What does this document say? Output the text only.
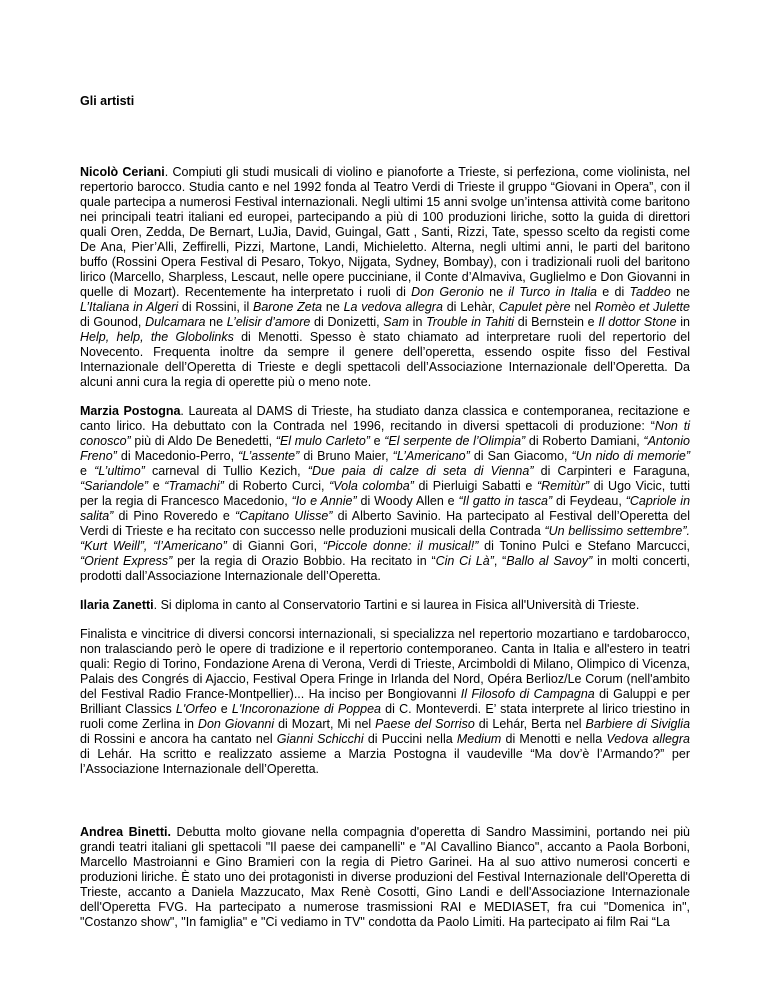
Gli artisti

Nicolò Ceriani. Compiuti gli studi musicali di violino e pianoforte a Trieste, si perfeziona, come violinista, nel repertorio barocco. Studia canto e nel 1992 fonda al Teatro Verdi di Trieste il gruppo “Giovani in Opera”, con il quale partecipa a numerosi Festival internazionali. Negli ultimi 15 anni svolge un’intensa attività come baritono nei principali teatri italiani ed europei, partecipando a più di 100 produzioni liriche, sotto la guida di direttori quali Oren, Zedda, De Bernart, LuJia, David, Guingal, Gatt , Santi, Rizzi, Tate, spesso scelto da registi come De Ana, Pier’Alli, Zeffirelli, Pizzi, Martone, Landi, Michieletto. Alterna, negli ultimi anni, le parti del baritono buffo (Rossini Opera Festival di Pesaro, Tokyo, Nijgata, Sydney, Bombay), con i tradizionali ruoli del baritono lirico (Marcello, Sharpless, Lescaut, nelle opere pucciniane, il Conte d’Almaviva, Guglielmo e Don Giovanni in quelle di Mozart). Recentemente ha interpretato i ruoli di Don Geronio ne il Turco in Italia e di Taddeo ne L’Italiana in Algeri di Rossini, il Barone Zeta ne La vedova allegra di Lehàr, Capulet père nel Romèo et Julette di Gounod, Dulcamara ne L’elisir d’amore di Donizetti, Sam in Trouble in Tahiti di Bernstein e Il dottor Stone in Help, help, the Globolinks di Menotti. Spesso è stato chiamato ad interpretare ruoli del repertorio del Novecento. Frequenta inoltre da sempre il genere dell’operetta, essendo ospite fisso del Festival Internazionale dell’Operetta di Trieste e degli spettacoli dell’Associazione Internazionale dell’Operetta. Da alcuni anni cura la regia di operette più o meno note.

Marzia Postogna. Laureata al DAMS di Trieste, ha studiato danza classica e contemporanea, recitazione e canto lirico. Ha debuttato con la Contrada nel 1996, recitando in diversi spettacoli di produzione: “Non ti conosco” più di Aldo De Benedetti, “El mulo Carleto” e “El serpente de l’Olimpia” di Roberto Damiani, “Antonio Freno” di Macedonio-Perro, “L’assente” di Bruno Maier, “L’Americano” di San Giacomo, “Un nido di memorie” e “L’ultimo” carneval di Tullio Kezich, “Due paia di calze di seta di Vienna” di Carpinteri e Faraguna, “Sariandole” e “Tramachi” di Roberto Curci, “Vola colomba” di Pierluigi Sabatti e “Remitùr” di Ugo Vicic, tutti per la regia di Francesco Macedonio, “Io e Annie” di Woody Allen e “Il gatto in tasca” di Feydeau, “Capriole in salita” di Pino Roveredo e “Capitano Ulisse” di Alberto Savinio. Ha partecipato al Festival dell’Operetta del Verdi di Trieste e ha recitato con successo nelle produzioni musicali della Contrada “Un bellissimo settembre”. “Kurt Weill”, “l’Americano” di Gianni Gori, “Piccole donne: il musical!” di Tonino Pulci e Stefano Marcucci, “Orient Express” per la regia di Orazio Bobbio. Ha recitato in “Cin Ci Là”, “Ballo al Savoy” in molti concerti, prodotti dall’Associazione Internazionale dell’Operetta.

Ilaria Zanetti. Si diploma in canto al Conservatorio Tartini e si laurea in Fisica all'Università di Trieste.

Finalista e vincitrice di diversi concorsi internazionali, si specializza nel repertorio mozartiano e tardobarocco, non tralasciando però le opere di tradizione e il repertorio contemporaneo. Canta in Italia e all'estero in teatri quali: Regio di Torino, Fondazione Arena di Verona, Verdi di Trieste, Arcimboldi di Milano, Olimpico di Vicenza, Palais des Congrés di Ajaccio, Festival Opera Fringe in Irlanda del Nord, Opéra Berlioz/Le Corum (nell'ambito del Festival Radio France-Montpellier)... Ha inciso per Bongiovanni Il Filosofo di Campagna di Galuppi e per Brilliant Classics L'Orfeo e L'Incoronazione di Poppea di C. Monteverdi. E’ stata interprete al lirico triestino in ruoli come Zerlina in Don Giovanni di Mozart, Mi nel Paese del Sorriso di Lehár, Berta nel Barbiere di Siviglia di Rossini e ancora ha cantato nel Gianni Schicchi di Puccini nella Medium di Menotti e nella Vedova allegra di Lehár. Ha scritto e realizzato assieme a Marzia Postogna il vaudeville “Ma dov’è l’Armando?” per l’Associazione Internazionale dell’Operetta.

Andrea Binetti. Debutta molto giovane nella compagnia d'operetta di Sandro Massimini, portando nei più grandi teatri italiani gli spettacoli "Il paese dei campanelli" e "Al Cavallino Bianco", accanto a Paola Borboni, Marcello Mastroianni e Gino Bramieri con la regia di Pietro Garinei. Ha al suo attivo numerosi concerti e produzioni liriche. È stato uno dei protagonisti in diverse produzioni del Festival Internazionale dell'Operetta di Trieste, accanto a Daniela Mazzucato, Max Renè Cosotti, Gino Landi e dell'Associazione Internazionale dell'Operetta FVG. Ha partecipato a numerose trasmissioni RAI e MEDIASET, fra cui "Domenica in", "Costanzo show", "In famiglia" e "Ci vediamo in TV" condotta da Paolo Limiti. Ha partecipato ai film Rai “La
